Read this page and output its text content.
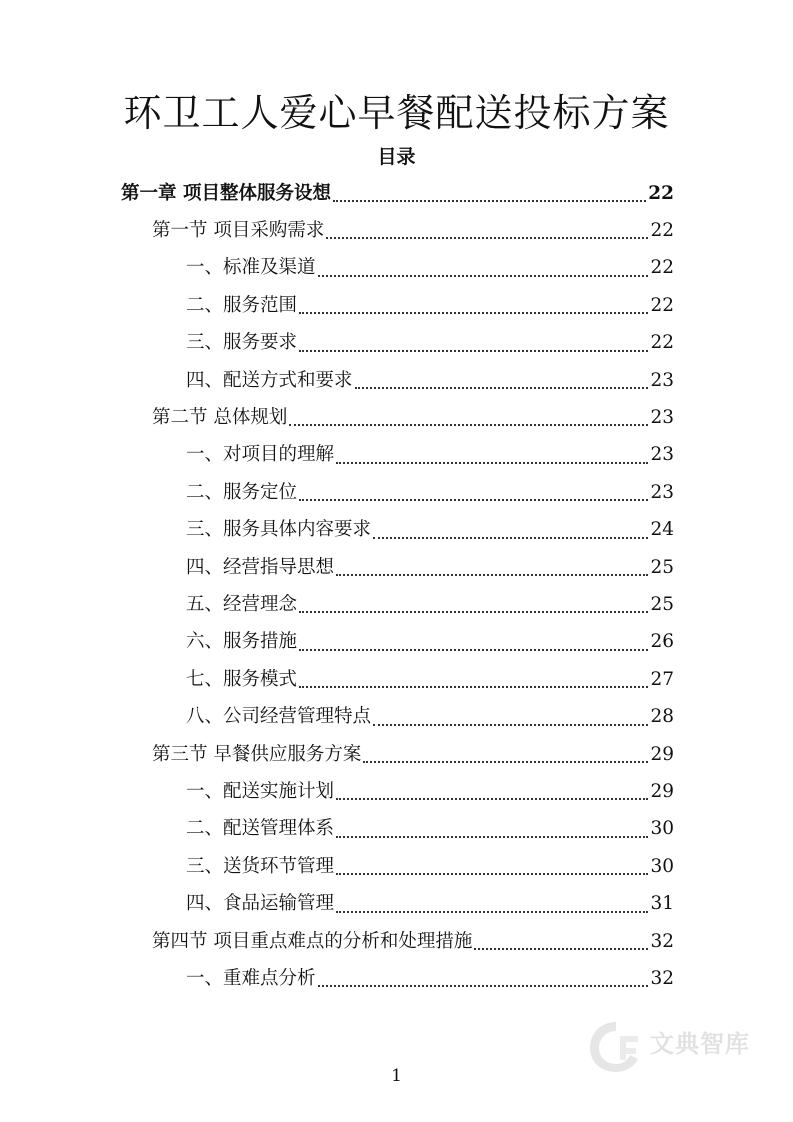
环卫工人爱心早餐配送投标方案
目录
第一章 项目整体服务设想	22
第一节 项目采购需求	22
一、标准及渠道	22
二、服务范围	22
三、服务要求	22
四、配送方式和要求	23
第二节 总体规划	23
一、对项目的理解	23
二、服务定位	23
三、服务具体内容要求	24
四、经营指导思想	25
五、经营理念	25
六、服务措施	26
七、服务模式	27
八、公司经营管理特点	28
第三节 早餐供应服务方案	29
一、配送实施计划	29
二、配送管理体系	30
三、送货环节管理	30
四、食品运输管理	31
第四节 项目重点难点的分析和处理措施	32
一、重难点分析	32
文典智库
1
